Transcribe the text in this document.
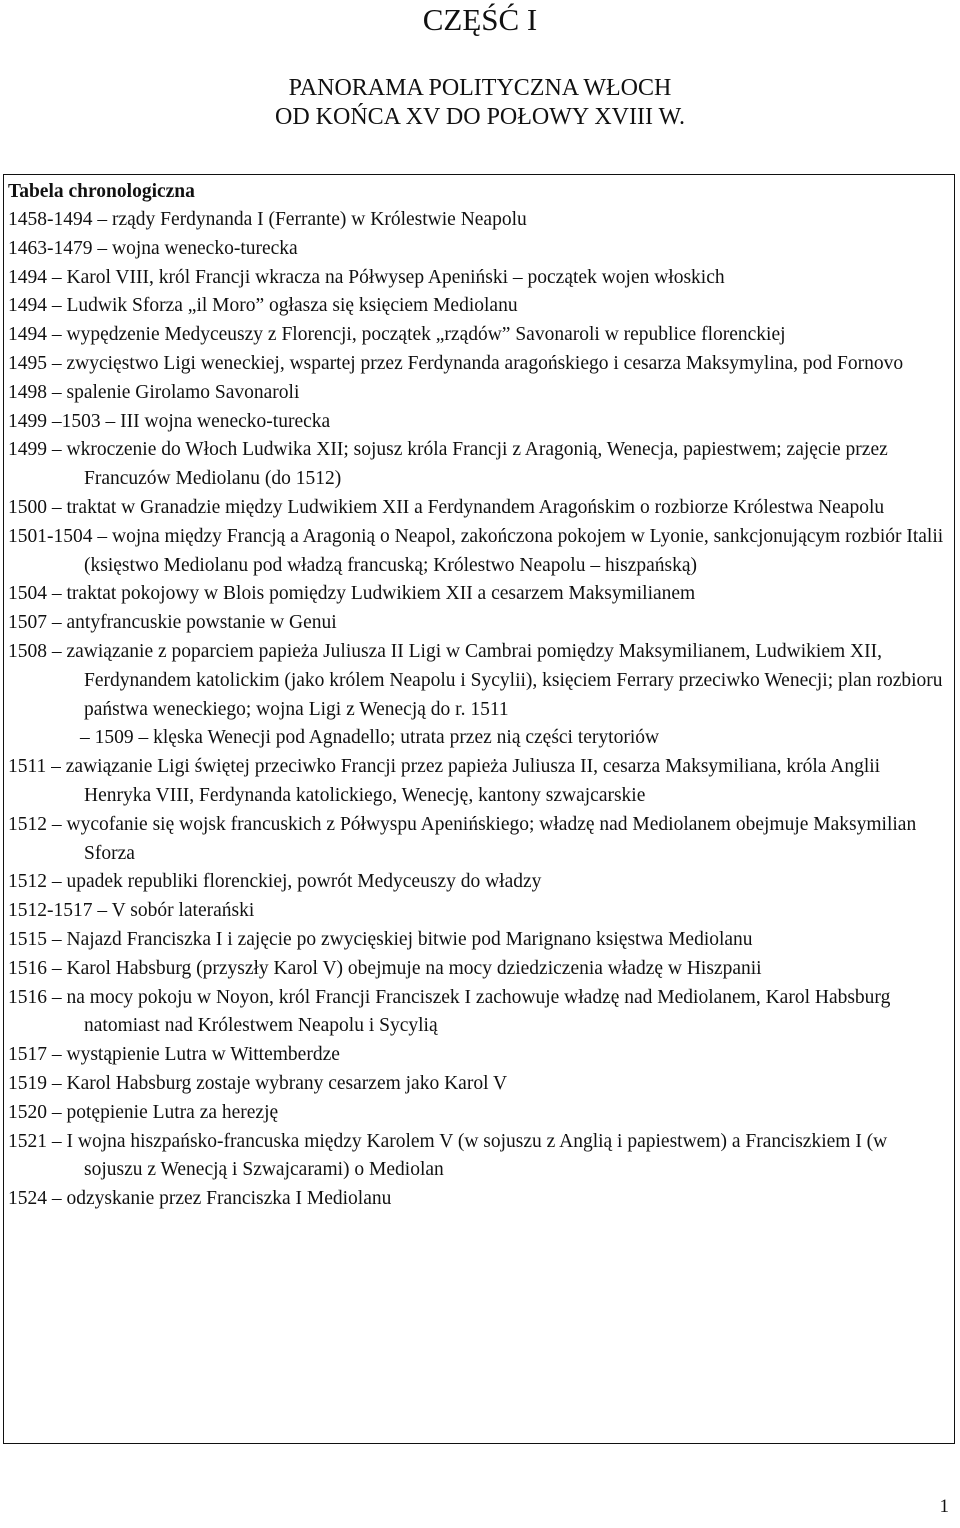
CZĘŚĆ I
PANORAMA POLITYCZNA WŁOCH
OD KOŃCA XV DO POŁOWY XVIII W.
Tabela chronologiczna
1458-1494 – rządy Ferdynanda I (Ferrante) w Królestwie Neapolu
1463-1479 – wojna wenecko-turecka
1494 – Karol VIII, król Francji wkracza na Półwysep Apeniński – początek wojen włoskich
1494 – Ludwik Sforza „il Moro” ogłasza się księciem Mediolanu
1494 – wypędzenie Medyceuszy z Florencji, początek „rządów” Savonaroli w republice florenckiej
1495 – zwycięstwo Ligi weneckiej, wspartej przez Ferdynanda aragońskiego i cesarza Maksymylina, pod Fornovo
1498 – spalenie Girolamo Savonaroli
1499 –1503 – III wojna wenecko-turecka
1499 – wkroczenie do Włoch Ludwika XII; sojusz króla Francji z Aragonią, Wenecja, papiestwem; zajęcie przez Francuzów Mediolanu (do 1512)
1500 – traktat w Granadzie między Ludwikiem XII a Ferdynandem Aragońskim o rozbiorze Królestwa Neapolu
1501-1504 – wojna między Francją a Aragonią o Neapol, zakończona pokojem w Lyonie, sankcjonującym rozbiór Italii (księstwo Mediolanu pod władzą francuską; Królestwo Neapolu – hiszpańską)
1504 – traktat pokojowy w Blois pomiędzy Ludwikiem XII a cesarzem Maksymilianem
1507 – antyfrancuskie powstanie w Genui
1508 – zawiązanie z poparciem papieża Juliusza II Ligi w Cambrai pomiędzy Maksymilianem, Ludwikiem XII, Ferdynandem katolickim (jako królem Neapolu i Sycylii), księciem Ferrary przeciwko Wenecji; plan rozbioru państwa weneckiego; wojna Ligi z Wenecją do r. 1511
– 1509 – klęska Wenecji pod Agnadello; utrata przez nią części terytoriów
1511 – zawiązanie Ligi świętej przeciwko Francji przez papieża Juliusza II, cesarza Maksymiliana, króla Anglii Henryka VIII, Ferdynanda katolickiego, Wenecję, kantony szwajcarskie
1512 – wycofanie się wojsk francuskich z Półwyspu Apenińskiego; władzę nad Mediolanem obejmuje Maksymilian Sforza
1512 – upadek republiki florenckiej, powrót Medyceuszy do władzy
1512-1517 – V sobór laterański
1515 – Najazd Franciszka I i zajęcie po zwycięskiej bitwie pod Marignano księstwa Mediolanu
1516 – Karol Habsburg (przyszły Karol V) obejmuje na mocy dziedziczenia władzę w Hiszpanii
1516 – na mocy pokoju w Noyon, król Francji Franciszek I zachowuje władzę nad Mediolanem, Karol Habsburg natomiast nad Królestwem Neapolu i Sycylią
1517 – wystąpienie Lutra w Wittemberdze
1519 – Karol Habsburg zostaje wybrany cesarzem jako Karol V
1520 – potępienie Lutra za herezję
1521 – I wojna hiszpańsko-francuska między Karolem V (w sojuszu z Anglią i papiestwem) a Franciszkiem I (w sojuszu z Wenecją i Szwajcarami) o Mediolan
1524 – odzyskanie przez Franciszka I Mediolanu
1
